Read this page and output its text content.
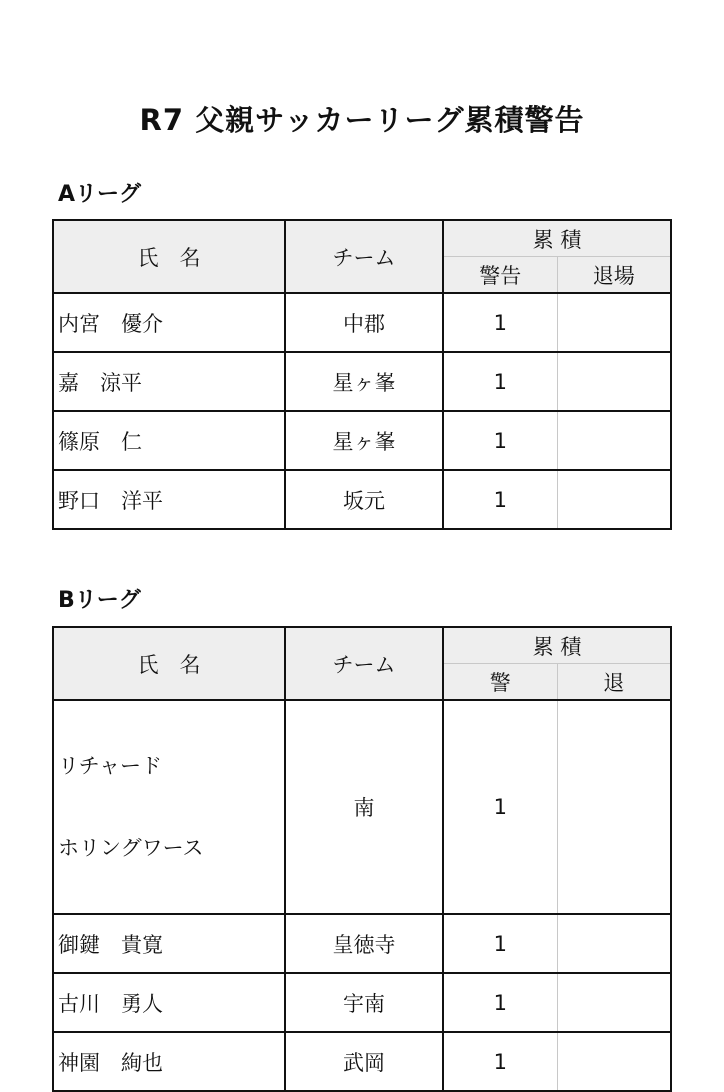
R7 父親サッカーリーグ累積警告
Aリーグ
氏　名	チーム	累 積	
		警告	退場
内宮　優介	中郡	1	
嘉　涼平	星ヶ峯	1	
篠原　仁	星ヶ峯	1	
野口　洋平	坂元	1	
Bリーグ
氏　名	チーム	累 積	
		警	退

リチャード

ホリングワース	南	1	
御鍵　貴寛	皇徳寺	1	
古川　勇人	宇南	1	
神園　絢也	武岡	1	
